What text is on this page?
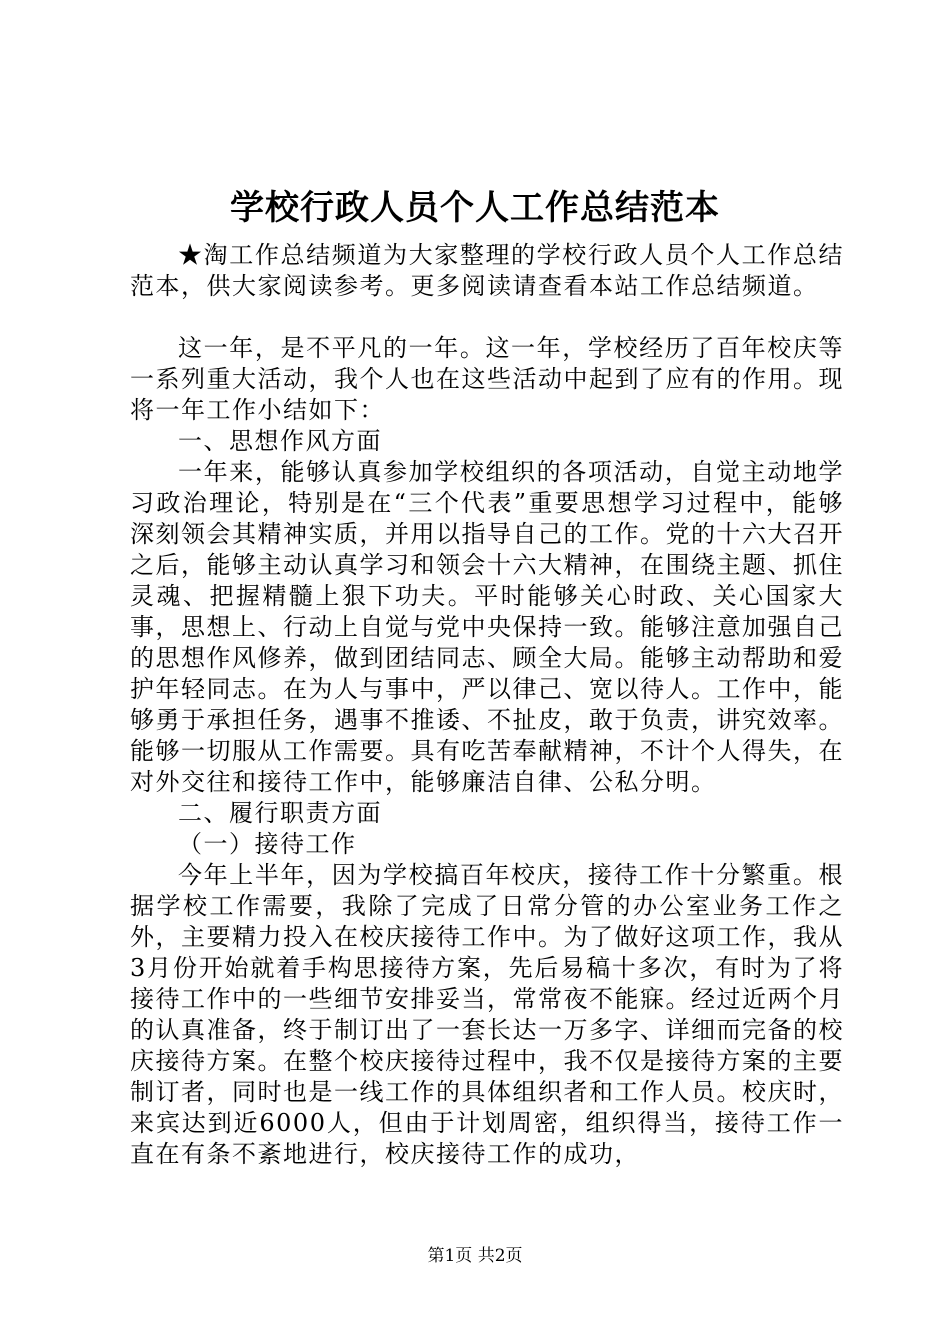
学校行政人员个人工作总结范本

★淘工作总结频道为大家整理的学校行政人员个人工作总结范本，供大家阅读参考。更多阅读请查看本站工作总结频道。

这一年，是不平凡的一年。这一年，学校经历了百年校庆等一系列重大活动，我个人也在这些活动中起到了应有的作用。现将一年工作小结如下：

一、思想作风方面

一年来，能够认真参加学校组织的各项活动，自觉主动地学习政治理论，特别是在“三个代表”重要思想学习过程中，能够深刻领会其精神实质，并用以指导自己的工作。党的十六大召开之后，能够主动认真学习和领会十六大精神，在围绕主题、抓住灵魂、把握精髓上狠下功夫。平时能够关心时政、关心国家大事，思想上、行动上自觉与党中央保持一致。能够注意加强自己的思想作风修养，做到团结同志、顾全大局。能够主动帮助和爱护年轻同志。在为人与事中，严以律己、宽以待人。工作中，能够勇于承担任务，遇事不推诿、不扯皮，敢于负责，讲究效率。能够一切服从工作需要。具有吃苦奉献精神，不计个人得失，在对外交往和接待工作中，能够廉洁自律、公私分明。

二、履行职责方面

（一）接待工作

今年上半年，因为学校搞百年校庆，接待工作十分繁重。根据学校工作需要，我除了完成了日常分管的办公室业务工作之外，主要精力投入在校庆接待工作中。为了做好这项工作，我从3月份开始就着手构思接待方案，先后易稿十多次，有时为了将接待工作中的一些细节安排妥当，常常夜不能寐。经过近两个月的认真准备，终于制订出了一套长达一万多字、详细而完备的校庆接待方案。在整个校庆接待过程中，我不仅是接待方案的主要制订者，同时也是一线工作的具体组织者和工作人员。校庆时，来宾达到近6000人，但由于计划周密，组织得当，接待工作一直在有条不紊地进行，校庆接待工作的成功，

第1页 共2页
